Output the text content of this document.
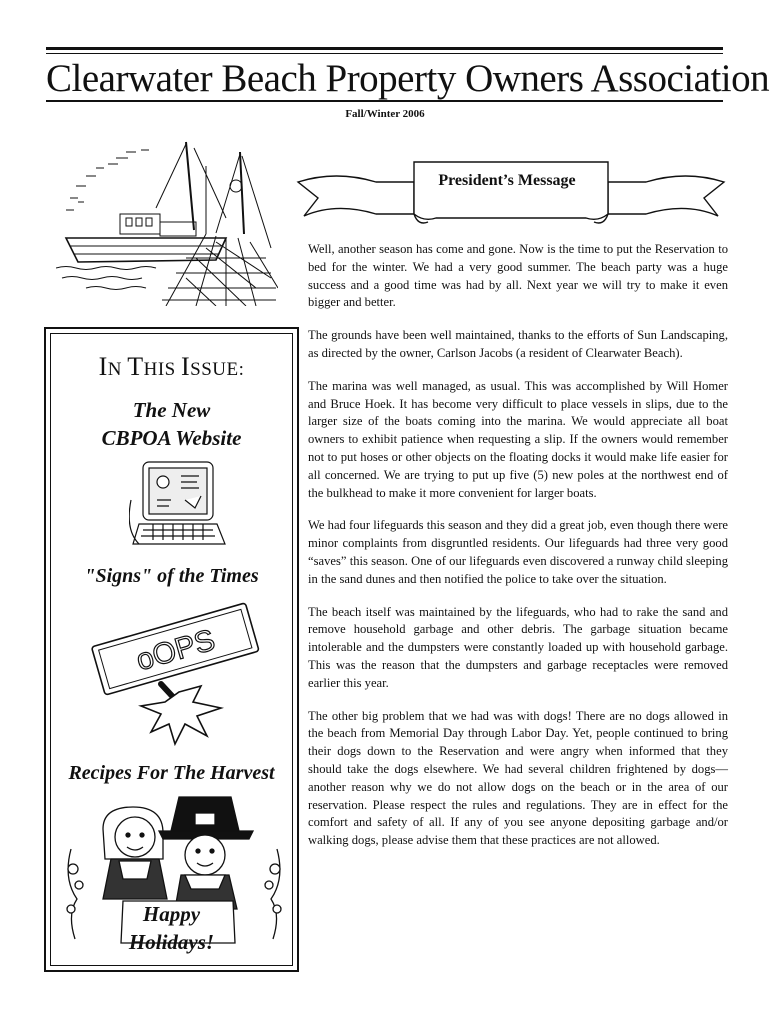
Clearwater Beach Property Owners Association
Fall/Winter 2006
President’s Message

Well, another season has come and gone. Now is the time to put the Reservation to bed for the winter. We had a very good summer. The beach party was a huge success and a good time was had by all. Next year we will try to make it even bigger and better.

The grounds have been well maintained, thanks to the efforts of Sun Landscaping, as directed by the owner, Carlson Jacobs (a resident of Clearwater Beach).

The marina was well managed, as usual. This was accomplished by Will Homer and Bruce Hoek. It has become very difficult to place vessels in slips, due to the larger size of the boats coming into the marina. We would appreciate all boat owners to exhibit patience when requesting a slip. If the owners would remember not to put hoses or other objects on the floating docks it would make life easier for all concerned. We are trying to put up five (5) new poles at the northwest end of the bulkhead to make it more convenient for larger boats.

We had four lifeguards this season and they did a great job, even though there were minor complaints from disgruntled residents. Our lifeguards had three very good “saves” this season. One of our lifeguards even discovered a runway child sleeping in the sand dunes and then notified the police to take over the situation.

The beach itself was maintained by the lifeguards, who had to rake the sand and remove household garbage and other debris. The garbage situation became intolerable and the dumpsters were constantly loaded up with household garbage. This was the reason that the dumpsters and garbage receptacles were removed earlier this year.

The other big problem that we had was with dogs! There are no dogs allowed in the beach from Memorial Day through Labor Day. Yet, people continued to bring their dogs down to the Reservation and were angry when informed that they should take the dogs elsewhere. We had several children frightened by dogs—another reason why we do not allow dogs on the beach or in the area of our reservation. Please respect the rules and regulations. They are in effect for the comfort and safety of all. If any of you see anyone depositing garbage and/or walking dogs, please advise them that these practices are not allowed.

IN THIS ISSUE:
The New
CBPOA Website
"Signs" of the Times
oOPS
Recipes For The Harvest
Happy
Holidays!
